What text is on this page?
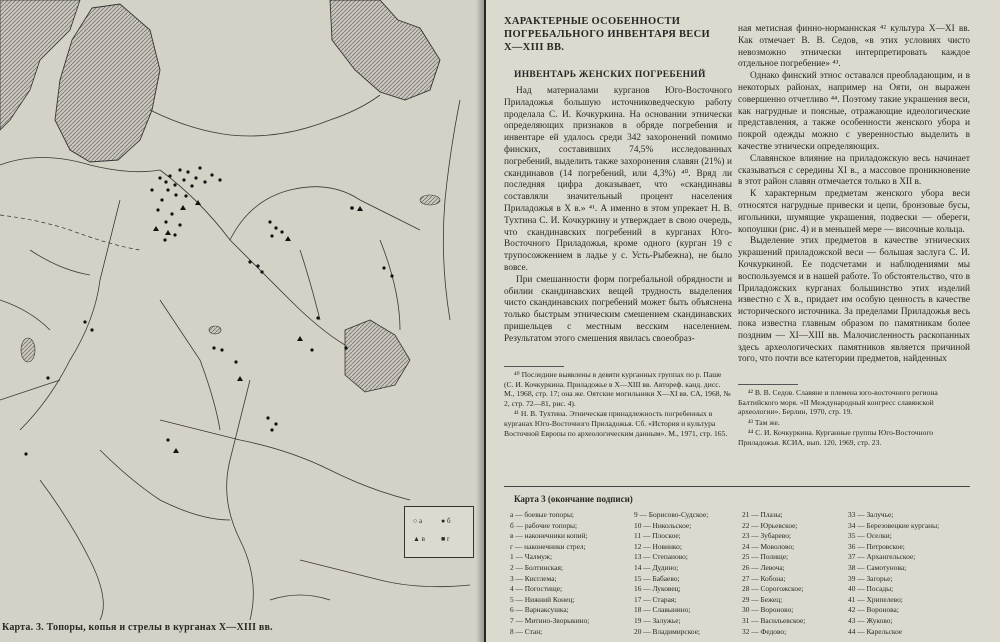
○ а	● б
▲ в ■ г
Карта. 3. Топоры, копья и стрелы в курганах X—XIII вв.
ХАРАКТЕРНЫЕ ОСОБЕННОСТИ
ПОГРЕБАЛЬНОГО ИНВЕНТАРЯ ВЕСИ
X—XIII ВВ.
ИНВЕНТАРЬ ЖЕНСКИХ ПОГРЕБЕНИЙ

Над материалами курганов Юго-Восточного Приладожья большую источниковедческую работу проделала С. И. Кочкуркина. На основании этнически определяющих признаков в обряде погребения и инвентаре ей удалось среди 342 захоронений помимо финских, составивших 74,5% исследованных погребений, выделить также захоронения славян (21%) и скандинавов (14 погребений, или 4,3%) ⁴⁰. Вряд ли последняя цифра доказывает, что «скандинавы составляли значительный процент населения Приладожья в X в.» ⁴¹. А именно в этом упрекает Н. В. Тухтина С. И. Кочкуркину и утверждает в свою очередь, что скандинавских погребений в курганах Юго-Восточного Приладожья, кроме одного (курган 19 с трупосожжением в ладье у с. Усть-Рыбежна), не было вовсе.

При смешанности форм погребальной обрядности и обилии скандинавских вещей трудность выделения чисто скандинавских погребений может быть объяснена только быстрым этническим смешением скандинавских пришельцев с местным весским населением. Результатом этого смешения явилась своеобраз-

ная метисная финно-норманнская ⁴² культура X—XI вв. Как отмечает В. В. Седов, «в этих условиях чисто невозможно этнически интерпретировать каждое отдельное погребение» ⁴³.

Однако финский этнос оставался преобладающим, и в некоторых районах, например на Ояти, он выражен совершенно отчетливо ⁴⁴. Поэтому такие украшения веси, как нагрудные и поясные, отражающие идеологические представления, а также особенности женского убора и покрой одежды можно с уверенностью выделить в качестве этнически определяющих.

Славянское влияние на приладожскую весь начинает сказываться с середины XI в., а массовое проникновение в этот район славян отмечается только в XII в.

К характерным предметам женского убора веси относятся нагрудные привески и цепи, бронзовые бусы, игольники, шумящие украшения, подвески — обереги, копоушки (рис. 4) и в меньшей мере — височные кольца.

Выделение этих предметов в качестве этнических украшений приладожской веси — большая заслуга С. И. Кочкуркиной. Ее подсчетами и наблюдениями мы воспользуемся и в нашей работе. То обстоятельство, что в Приладожских курганах большинство этих изделий известно с X в., придает им особую ценность в качестве исторического источника. За пределами Приладожья весь пока известна главным образом по памятникам более поздним — XI—XIII вв. Малочисленность раскопанных здесь археологических памятников является причиной того, что почти все категории предметов, найденных

⁴⁰ Последние выявлены в девяти курганных группах по р. Паше (С. И. Кочкуркина. Приладожье в X—XIII вв. Автореф. канд. дисс. М., 1968, стр. 17; она же. Оятские могильники X—XI вв. СА, 1968, № 2, стр. 72—81, рис. 4).

⁴¹ Н. В. Тухтина. Этническая принадлежность погребенных в курганах Юго-Восточного Приладожья. Сб. «История и культура Восточной Европы по археологическим данным». М., 1971, стр. 165.

⁴² В. В. Седов. Славяне и племена юго-восточного региона Балтийского моря. «II Международный конгресс славянской археологии». Берлин, 1970, стр. 19.

⁴³ Там же.

⁴⁴ С. И. Кочкуркина. Курганные группы Юго-Восточного Приладожья. КСИА, вып. 120, 1969, стр. 23.

Карта 3 (окончание подписи)
а — боевые топоры;
б — рабочие топоры;
в — наконечники копий;
г — наконечники стрел;
1 — Чалмуж;
2 — Болтинская;
3 — Кисглема;
4 — Погостище;
5 — Нижний Конец;
6 — Варнаксушка;
7 — Митино-Зворыкино;
8 — Стан;
9 — Борисово-Судское;
10 — Никольское;
11 — Плоское;
12 — Новинко;
13 — Степаново;
14 — Дудино;
15 — Бабаево;
16 — Луковец;
17 — Старая;
18 — Славынино;
19 — Залужье;
20 — Владимирское;
21 — Плазы;
22 — Юрьевское;
23 — Зубарево;
24 — Моволово;
25 — Полище;
26 — Левоча;
27 — Кобона;
28 — Сорогожское;
29 — Бежец;
30 — Вороново;
31 — Васильевское;
32 — Федово;
33 — Залучье;
34 — Березовецкие курганы;
35 — Оселки;
36 — Петровское;
37 — Архангельское;
38 — Самотунова;
39 — Загорье;
40 — Посады;
41 — Хрипелево;
42 — Воронова;
43 — Жуково;
44 — Карельское
